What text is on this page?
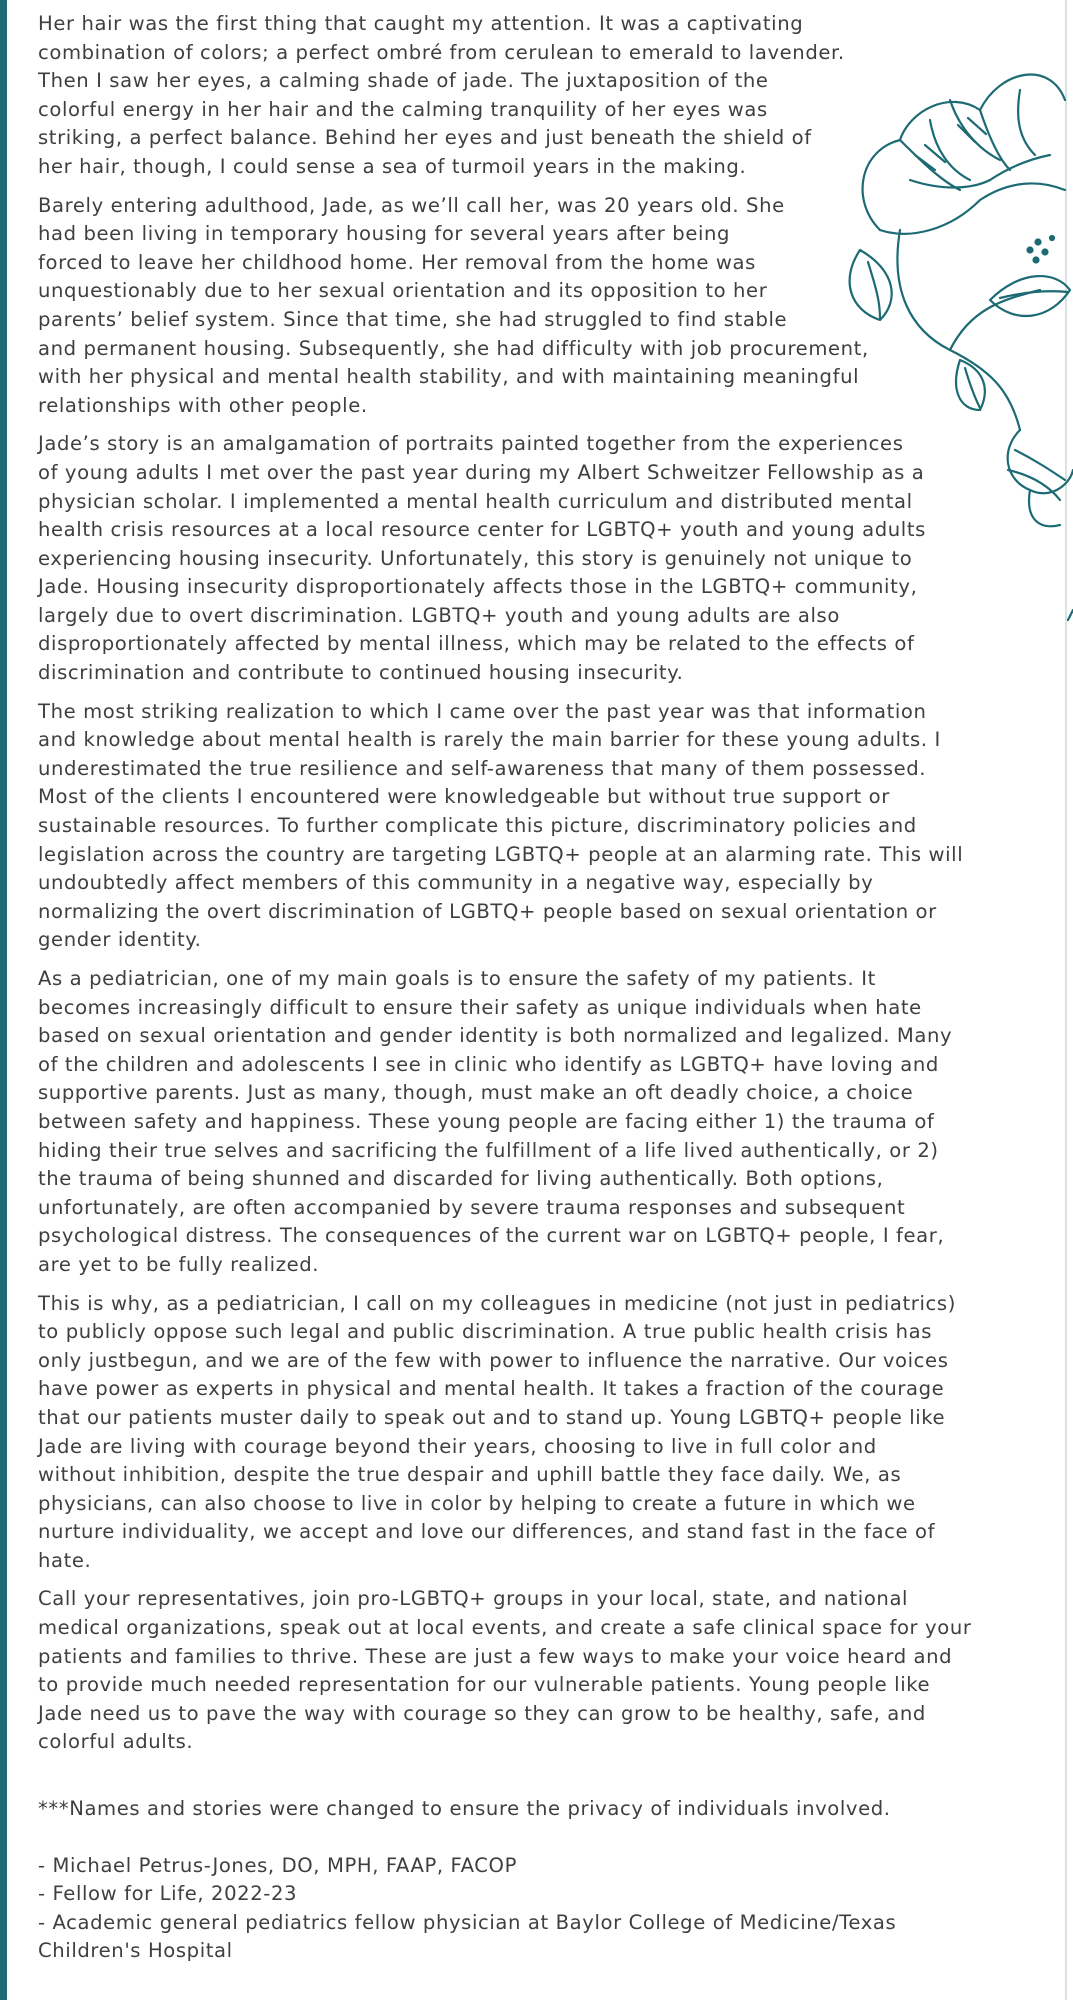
Her hair was the first thing that caught my attention. It was a captivating
combination of colors; a perfect ombré from cerulean to emerald to lavender.
Then I saw her eyes, a calming shade of jade. The juxtaposition of the
colorful energy in her hair and the calming tranquility of her eyes was
striking, a perfect balance. Behind her eyes and just beneath the shield of
her hair, though, I could sense a sea of turmoil years in the making.
Barely entering adulthood, Jade, as we’ll call her, was 20 years old. She
had been living in temporary housing for several years after being
forced to leave her childhood home. Her removal from the home was
unquestionably due to her sexual orientation and its opposition to her
parents’ belief system. Since that time, she had struggled to find stable
and permanent housing. Subsequently, she had difficulty with job procurement,
with her physical and mental health stability, and with maintaining meaningful
relationships with other people.
Jade’s story is an amalgamation of portraits painted together from the experiences
of young adults I met over the past year during my Albert Schweitzer Fellowship as a
physician scholar. I implemented a mental health curriculum and distributed mental
health crisis resources at a local resource center for LGBTQ+ youth and young adults
experiencing housing insecurity. Unfortunately, this story is genuinely not unique to
Jade. Housing insecurity disproportionately affects those in the LGBTQ+ community,
largely due to overt discrimination. LGBTQ+ youth and young adults are also
disproportionately affected by mental illness, which may be related to the effects of
discrimination and contribute to continued housing insecurity.
The most striking realization to which I came over the past year was that information
and knowledge about mental health is rarely the main barrier for these young adults. I
underestimated the true resilience and self-awareness that many of them possessed.
Most of the clients I encountered were knowledgeable but without true support or
sustainable resources. To further complicate this picture, discriminatory policies and
legislation across the country are targeting LGBTQ+ people at an alarming rate. This will
undoubtedly affect members of this community in a negative way, especially by
normalizing the overt discrimination of LGBTQ+ people based on sexual orientation or
gender identity.
As a pediatrician, one of my main goals is to ensure the safety of my patients. It
becomes increasingly difficult to ensure their safety as unique individuals when hate
based on sexual orientation and gender identity is both normalized and legalized. Many
of the children and adolescents I see in clinic who identify as LGBTQ+ have loving and
supportive parents. Just as many, though, must make an oft deadly choice, a choice
between safety and happiness. These young people are facing either 1) the trauma of
hiding their true selves and sacrificing the fulfillment of a life lived authentically, or 2)
the trauma of being shunned and discarded for living authentically. Both options,
unfortunately, are often accompanied by severe trauma responses and subsequent
psychological distress. The consequences of the current war on LGBTQ+ people, I fear,
are yet to be fully realized.
This is why, as a pediatrician, I call on my colleagues in medicine (not just in pediatrics)
to publicly oppose such legal and public discrimination. A true public health crisis has
only justbegun, and we are of the few with power to influence the narrative. Our voices
have power as experts in physical and mental health. It takes a fraction of the courage
that our patients muster daily to speak out and to stand up. Young LGBTQ+ people like
Jade are living with courage beyond their years, choosing to live in full color and
without inhibition, despite the true despair and uphill battle they face daily. We, as
physicians, can also choose to live in color by helping to create a future in which we
nurture individuality, we accept and love our differences, and stand fast in the face of
hate.
Call your representatives, join pro-LGBTQ+ groups in your local, state, and national
medical organizations, speak out at local events, and create a safe clinical space for your
patients and families to thrive. These are just a few ways to make your voice heard and
to provide much needed representation for our vulnerable patients. Young people like
Jade need us to pave the way with courage so they can grow to be healthy, safe, and
colorful adults.
***Names and stories were changed to ensure the privacy of individuals involved.
- Michael Petrus-Jones, DO, MPH, FAAP, FACOP
- Fellow for Life, 2022-23
- Academic general pediatrics fellow physician at Baylor College of Medicine/Texas
Children's Hospital
